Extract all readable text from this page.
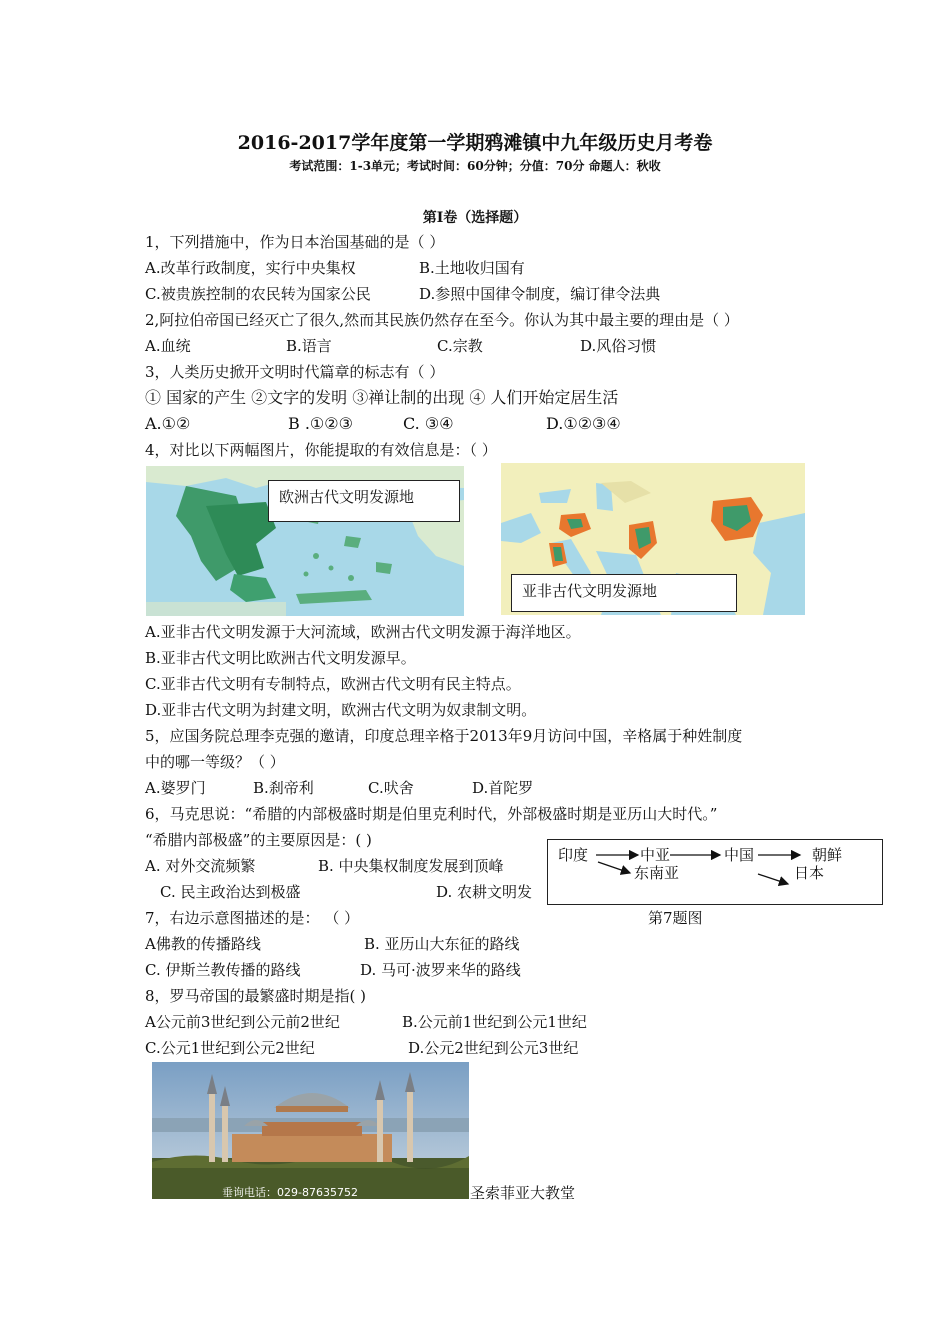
2016-2017学年度第一学期鸦滩镇中九年级历史月考卷
考试范围：1-3单元；考试时间：60分钟；分值：70分 命题人：秋收
第Ⅰ卷（选择题）
1，下列措施中，作为日本治国基础的是（ ）
A.改革行政制度，实行中央集权	B.土地收归国有
C.被贵族控制的农民转为国家公民	D.参照中国律令制度，编订律令法典
2,阿拉伯帝国已经灭亡了很久,然而其民族仍然存在至今。你认为其中最主要的理由是（ ）
A.血统	B.语言	C.宗教	D.风俗习惯
3，人类历史掀开文明时代篇章的标志有（ ）
① 国家的产生 ②文字的发明 ③禅让制的出现 ④ 人们开始定居生活
A.①②	B .①②③	C. ③④	D.①②③④
4，对比以下两幅图片，你能提取的有效信息是：（ ）
欧洲古代文明发源地
亚非古代文明发源地
A.亚非古代文明发源于大河流域，欧洲古代文明发源于海洋地区。
B.亚非古代文明比欧洲古代文明发源早。
C.亚非古代文明有专制特点，欧洲古代文明有民主特点。
D.亚非古代文明为封建文明，欧洲古代文明为奴隶制文明。
5，应国务院总理李克强的邀请，印度总理辛格于2013年9月访问中国，辛格属于种姓制度
中的哪一等级？（ ）
A.婆罗门	B.刹帝利	C.吠舍	D.首陀罗
6，马克思说：“希腊的内部极盛时期是伯里克利时代，外部极盛时期是亚历山大时代。”
“希腊内部极盛”的主要原因是：( )
A. 对外交流频繁	B. 中央集权制度发展到顶峰
C. 民主政治达到极盛	D. 农耕文明发
印度	中亚	中国	朝鲜
东南亚	日本
第7题图
7，右边示意图描述的是： （ ）
A佛教的传播路线	B. 亚历山大东征的路线
C. 伊斯兰教传播的路线	D. 马可·波罗来华的路线
8，罗马帝国的最繁盛时期是指( )
A公元前3世纪到公元前2世纪	B.公元前1世纪到公元1世纪
C.公元1世纪到公元2世纪	D.公元2世纪到公元3世纪
垂询电话：029-87635752	圣索菲亚大教堂
